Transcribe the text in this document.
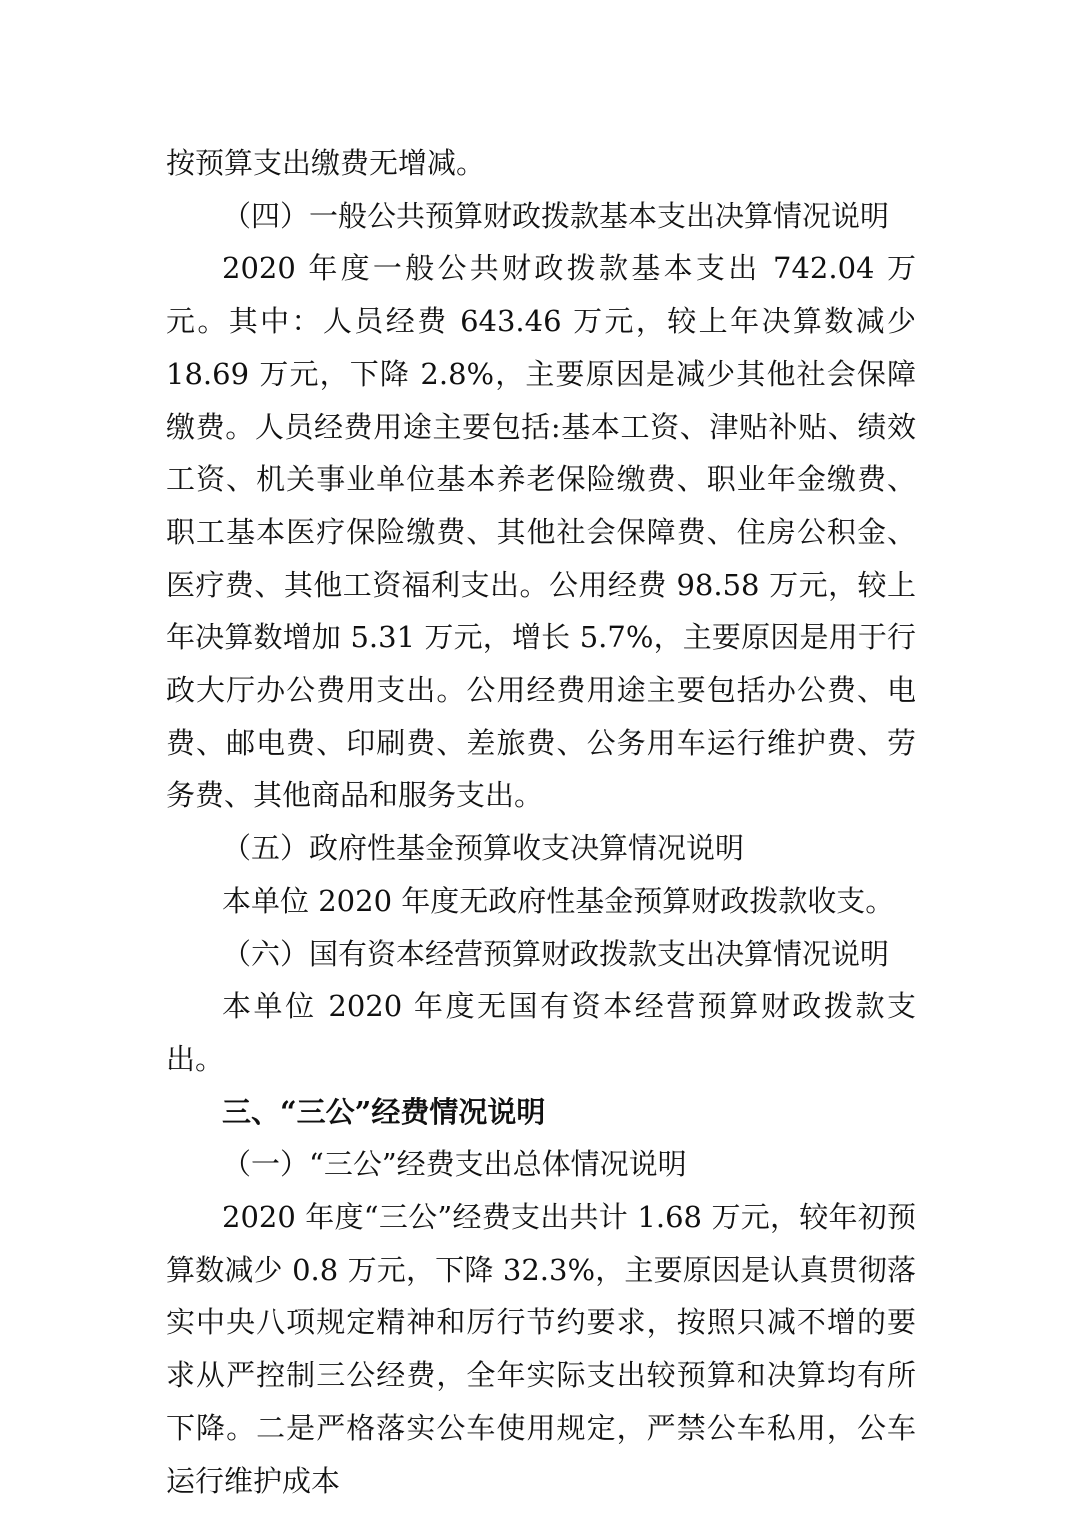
按预算支出缴费无增减。

（四）一般公共预算财政拨款基本支出决算情况说明

2020 年度一般公共财政拨款基本支出 742.04 万元。其中：人员经费 643.46 万元，较上年决算数减少 18.69 万元，下降 2.8%，主要原因是减少其他社会保障缴费。人员经费用途主要包括:基本工资、津贴补贴、绩效工资、机关事业单位基本养老保险缴费、职业年金缴费、职工基本医疗保险缴费、其他社会保障费、住房公积金、医疗费、其他工资福利支出。公用经费 98.58 万元，较上年决算数增加 5.31 万元，增长 5.7%，主要原因是用于行政大厅办公费用支出。公用经费用途主要包括办公费、电费、邮电费、印刷费、差旅费、公务用车运行维护费、劳务费、其他商品和服务支出。

（五）政府性基金预算收支决算情况说明

本单位 2020 年度无政府性基金预算财政拨款收支。

（六）国有资本经营预算财政拨款支出决算情况说明

本单位 2020 年度无国有资本经营预算财政拨款支出。

三、“三公”经费情况说明

（一）“三公”经费支出总体情况说明

2020 年度“三公”经费支出共计 1.68 万元，较年初预算数减少 0.8 万元，下降 32.3%，主要原因是认真贯彻落实中央八项规定精神和厉行节约要求，按照只减不增的要求从严控制三公经费，全年实际支出较预算和决算均有所下降。二是严格落实公车使用规定，严禁公车私用，公车运行维护成本
